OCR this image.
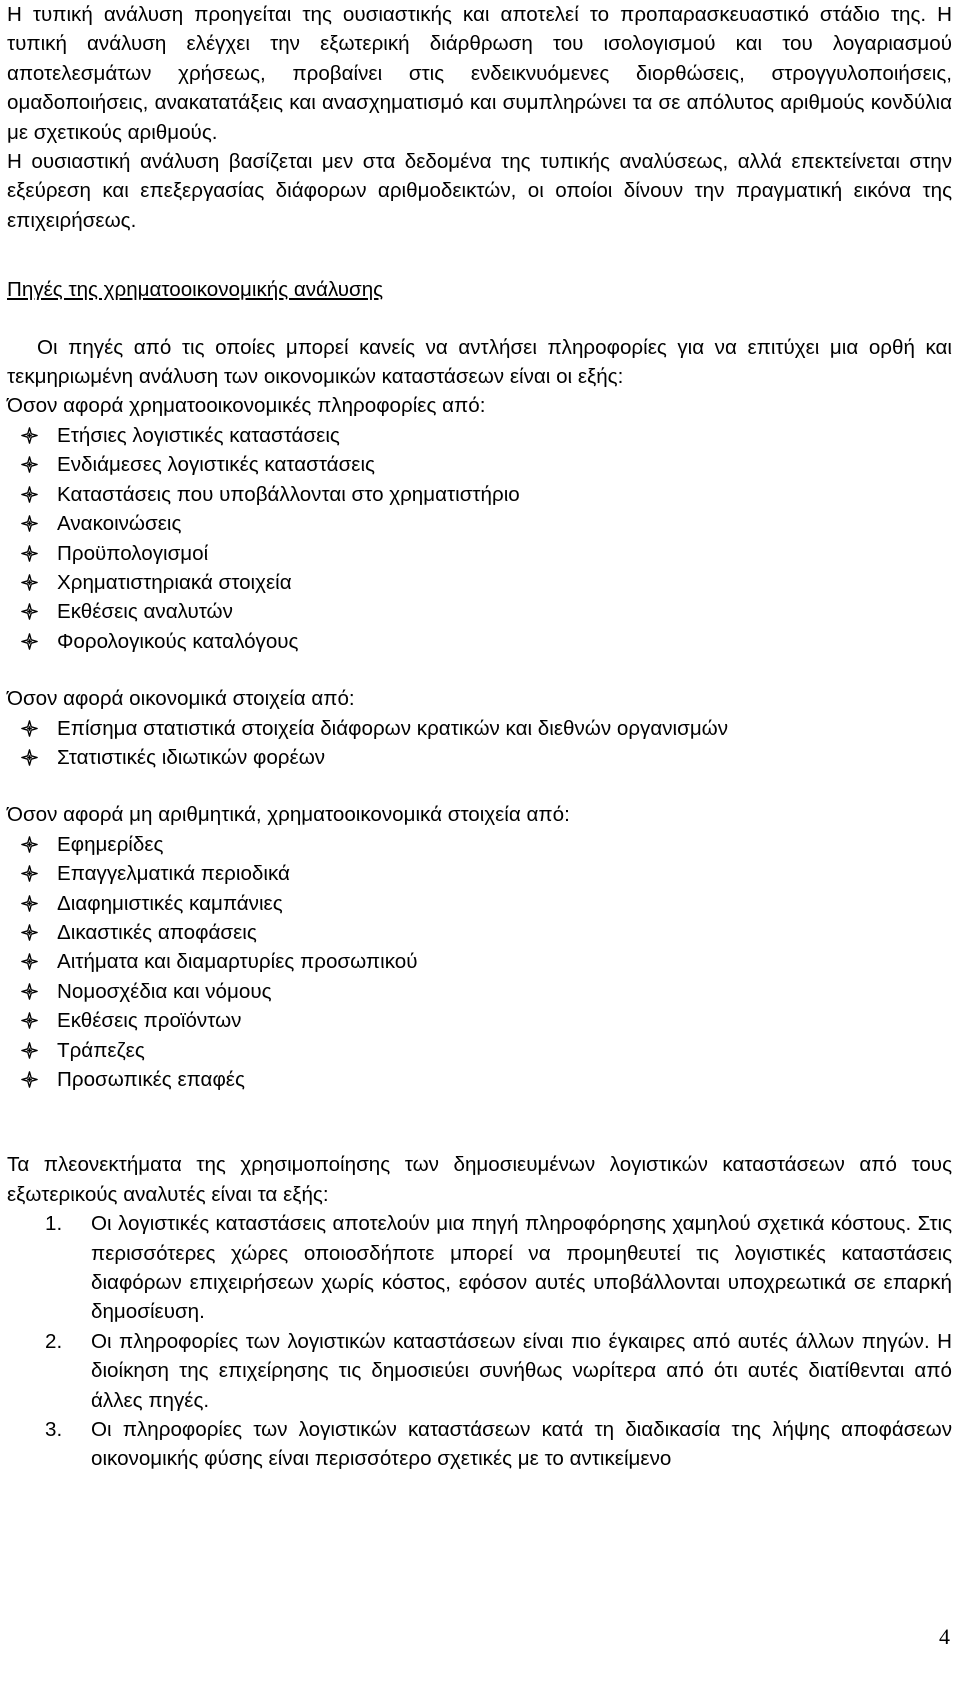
Η τυπική ανάλυση προηγείται της ουσιαστικής και αποτελεί το προπαρασκευαστικό στάδιο της. Η τυπική ανάλυση ελέγχει την εξωτερική διάρθρωση του ισολογισμού και του λογαριασμού αποτελεσμάτων χρήσεως, προβαίνει στις ενδεικνυόμενες διορθώσεις, στρογγυλοποιήσεις, ομαδοποιήσεις, ανακατατάξεις και ανασχηματισμό και συμπληρώνει τα σε απόλυτος αριθμούς κονδύλια με σχετικούς αριθμούς.

Η ουσιαστική ανάλυση βασίζεται μεν στα δεδομένα της τυπικής αναλύσεως, αλλά επεκτείνεται στην εξεύρεση και επεξεργασίας διάφορων αριθμοδεικτών, οι οποίοι δίνουν την πραγματική εικόνα της επιχειρήσεως.

Πηγές της χρηματοοικονομικής ανάλυσης

Οι πηγές από τις οποίες μπορεί κανείς να αντλήσει πληροφορίες για να επιτύχει μια ορθή και τεκμηριωμένη ανάλυση των οικονομικών καταστάσεων είναι οι εξής:

Όσον αφορά χρηματοοικονομικές πληροφορίες από:

Ετήσιες λογιστικές καταστάσεις
Ενδιάμεσες λογιστικές καταστάσεις
Καταστάσεις που υποβάλλονται στο χρηματιστήριο
Ανακοινώσεις
Προϋπολογισμοί
Χρηματιστηριακά στοιχεία
Εκθέσεις αναλυτών
Φορολογικούς καταλόγους

Όσον αφορά οικονομικά στοιχεία από:

Επίσημα στατιστικά στοιχεία διάφορων κρατικών και διεθνών οργανισμών
Στατιστικές ιδιωτικών φορέων

Όσον αφορά μη αριθμητικά, χρηματοοικονομικά στοιχεία από:

Εφημερίδες
Επαγγελματικά περιοδικά
Διαφημιστικές καμπάνιες
Δικαστικές αποφάσεις
Αιτήματα και διαμαρτυρίες προσωπικού
Νομοσχέδια και νόμους
Εκθέσεις προϊόντων
Τράπεζες
Προσωπικές επαφές

Τα πλεονεκτήματα της χρησιμοποίησης των δημοσιευμένων λογιστικών καταστάσεων από τους εξωτερικούς αναλυτές είναι τα εξής:

1. Οι λογιστικές καταστάσεις αποτελούν μια πηγή πληροφόρησης χαμηλού σχετικά κόστους. Στις περισσότερες χώρες οποιοσδήποτε μπορεί να προμηθευτεί τις λογιστικές καταστάσεις διαφόρων επιχειρήσεων χωρίς κόστος, εφόσον αυτές υποβάλλονται υποχρεωτικά σε επαρκή δημοσίευση.
2. Οι πληροφορίες των λογιστικών καταστάσεων είναι πιο έγκαιρες από αυτές άλλων πηγών. Η διοίκηση της επιχείρησης τις δημοσιεύει συνήθως νωρίτερα από ότι αυτές διατίθενται από άλλες πηγές.
3. Οι πληροφορίες των λογιστικών καταστάσεων κατά τη διαδικασία της λήψης αποφάσεων οικονομικής φύσης είναι περισσότερο σχετικές με το αντικείμενο
4
